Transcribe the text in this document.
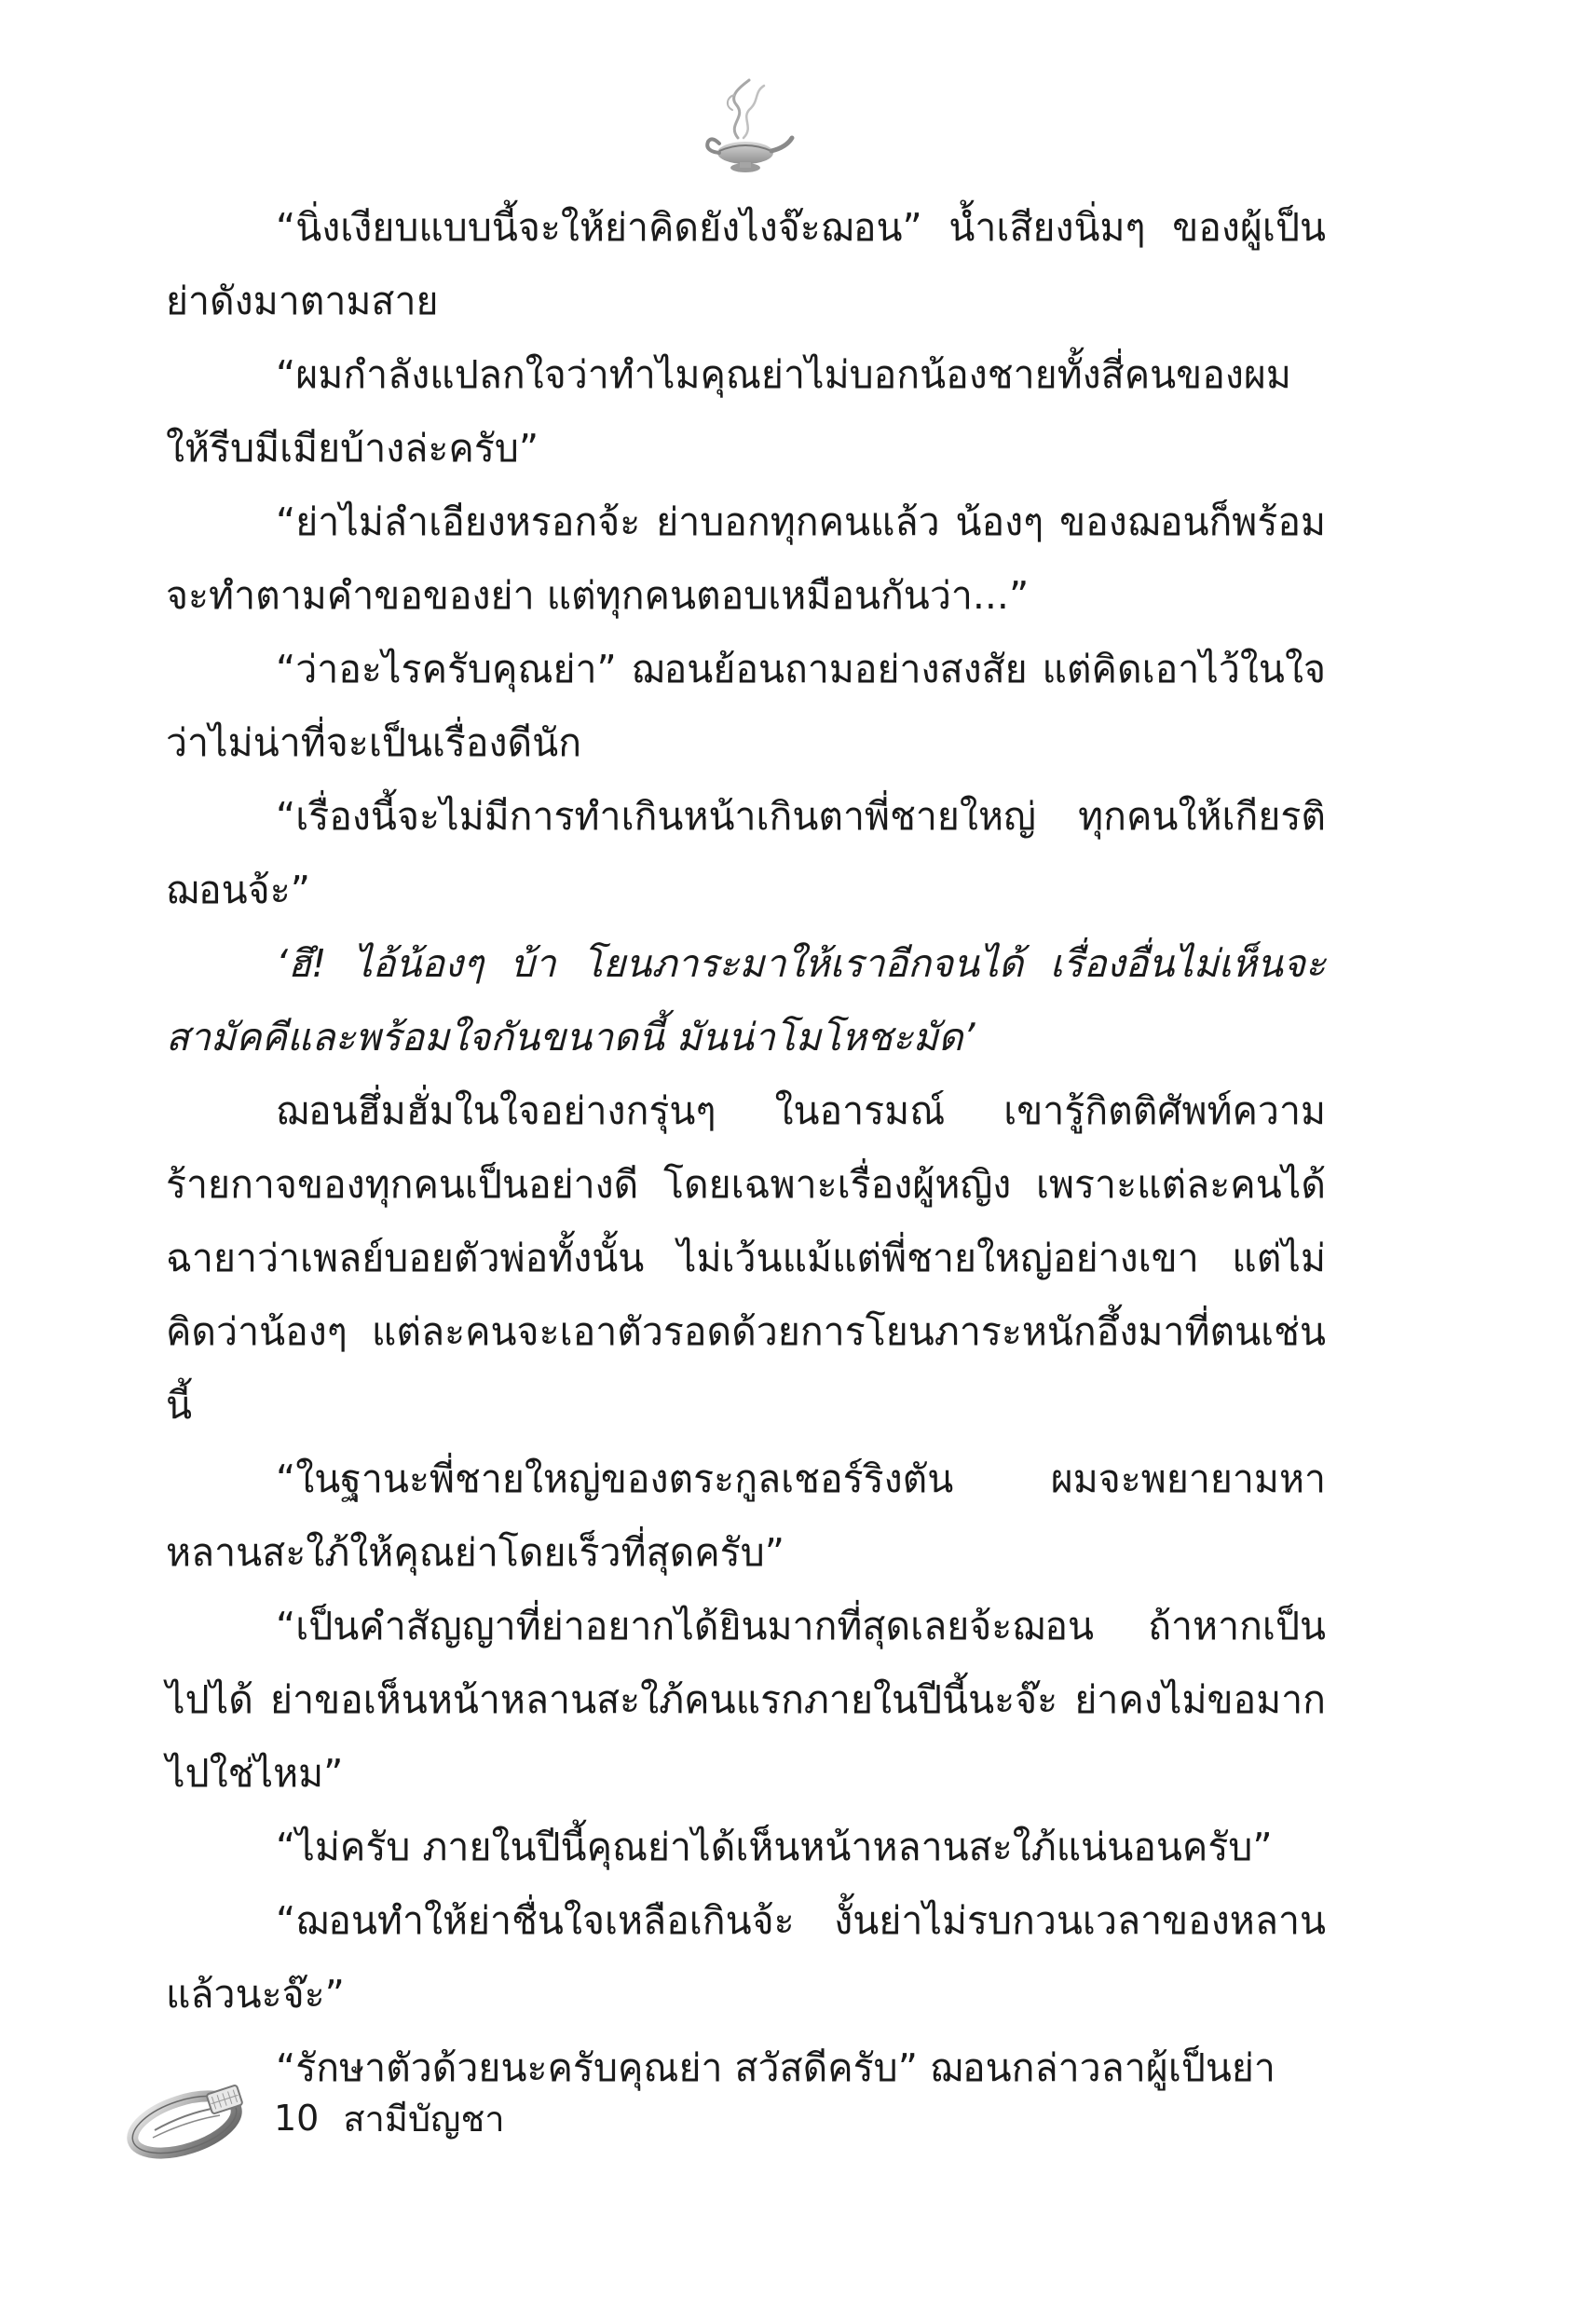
“นิ่งเงียบแบบนี้จะให้ย่าคิดยังไงจ๊ะฌอน” น้ำเสียงนิ่มๆ ของผู้เป็นย่าดังมาตามสาย

“ผมกำลังแปลกใจว่าทำไมคุณย่าไม่บอกน้องชายทั้งสี่คนของผมให้รีบมีเมียบ้างล่ะครับ”

“ย่าไม่ลำเอียงหรอกจ้ะ ย่าบอกทุกคนแล้ว น้องๆ ของฌอนก็พร้อมจะทำตามคำขอของย่า แต่ทุกคนตอบเหมือนกันว่า...”

“ว่าอะไรครับคุณย่า” ฌอนย้อนถามอย่างสงสัย แต่คิดเอาไว้ในใจว่าไม่น่าที่จะเป็นเรื่องดีนัก

“เรื่องนี้จะไม่มีการทำเกินหน้าเกินตาพี่ชายใหญ่ ทุกคนให้เกียรติฌอนจ้ะ”

‘ฮึ! ไอ้น้องๆ บ้า โยนภาระมาให้เราอีกจนได้ เรื่องอื่นไม่เห็นจะสามัคคีและพร้อมใจกันขนาดนี้ มันน่าโมโหชะมัด’

ฌอนฮึ่มฮั่มในใจอย่างกรุ่นๆ ในอารมณ์ เขารู้กิตติศัพท์ความร้ายกาจของทุกคนเป็นอย่างดี โดยเฉพาะเรื่องผู้หญิง เพราะแต่ละคนได้ฉายาว่าเพลย์บอยตัวพ่อทั้งนั้น ไม่เว้นแม้แต่พี่ชายใหญ่อย่างเขา แต่ไม่คิดว่าน้องๆ แต่ละคนจะเอาตัวรอดด้วยการโยนภาระหนักอึ้งมาที่ตนเช่นนี้

“ในฐานะพี่ชายใหญ่ของตระกูลเชอร์ริงตัน ผมจะพยายามหาหลานสะใภ้ให้คุณย่าโดยเร็วที่สุดครับ”

“เป็นคำสัญญาที่ย่าอยากได้ยินมากที่สุดเลยจ้ะฌอน ถ้าหากเป็นไปได้ ย่าขอเห็นหน้าหลานสะใภ้คนแรกภายในปีนี้นะจ๊ะ ย่าคงไม่ขอมากไปใช่ไหม”

“ไม่ครับ ภายในปีนี้คุณย่าได้เห็นหน้าหลานสะใภ้แน่นอนครับ”

“ฌอนทำให้ย่าชื่นใจเหลือเกินจ้ะ งั้นย่าไม่รบกวนเวลาของหลานแล้วนะจ๊ะ”

“รักษาตัวด้วยนะครับคุณย่า สวัสดีครับ” ฌอนกล่าวลาผู้เป็นย่า

10 สามีบัญชา
